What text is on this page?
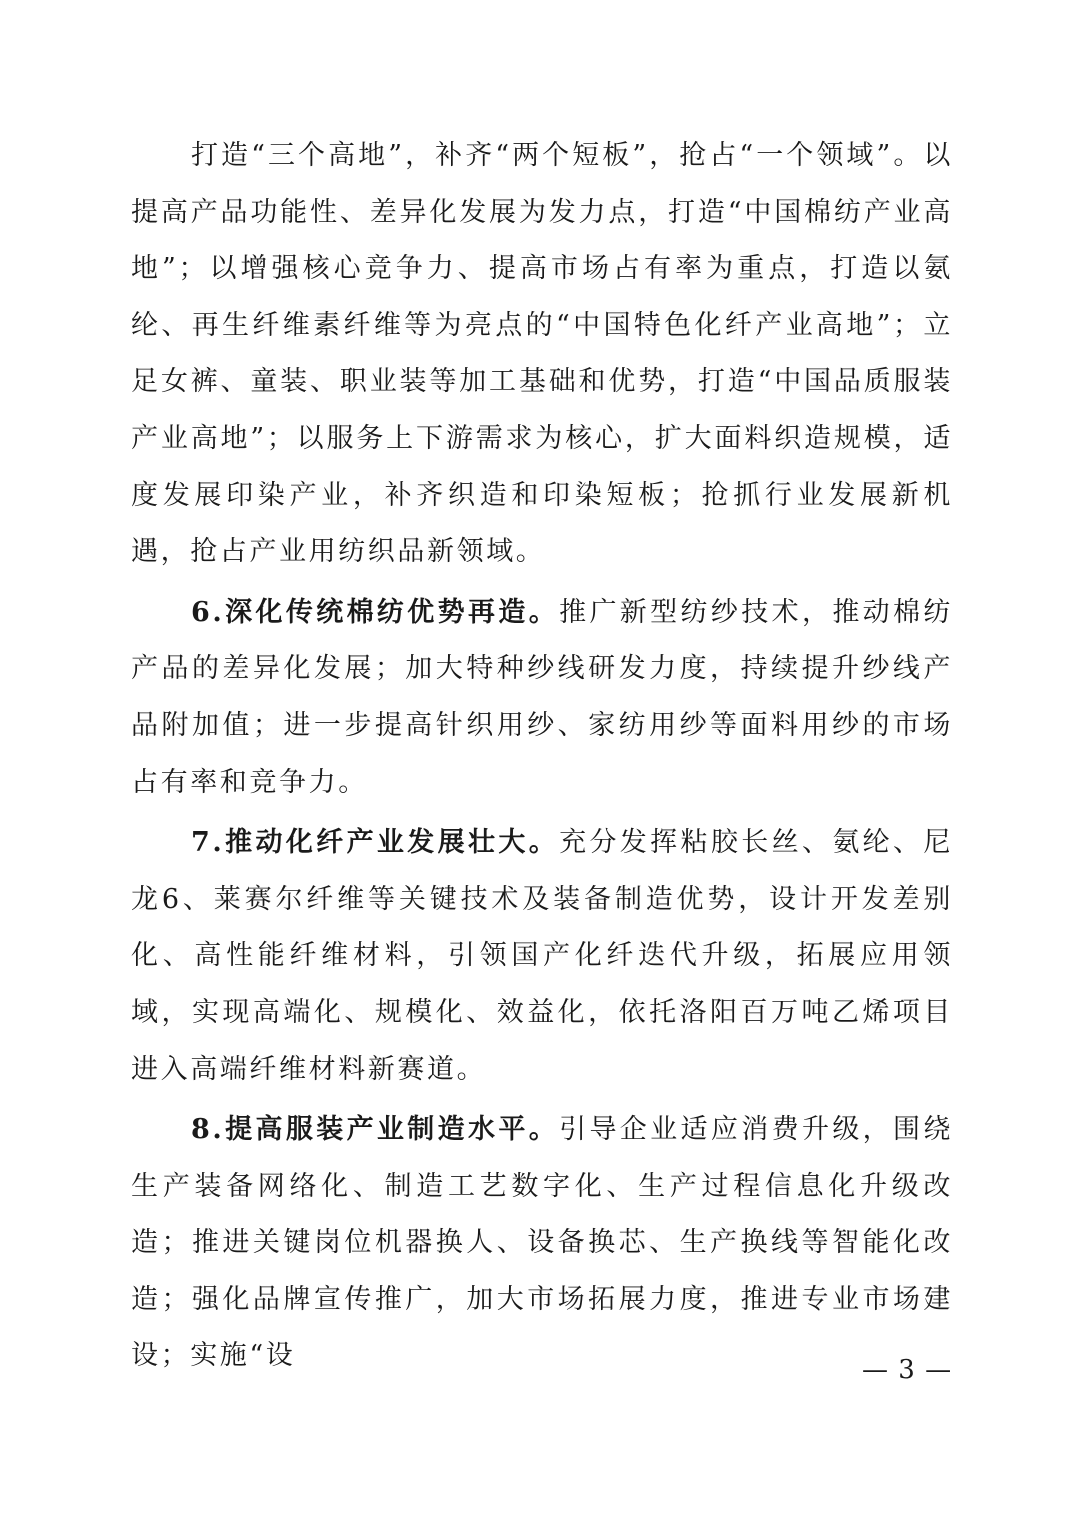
打造“三个高地”，补齐“两个短板”，抢占“一个领域”。以提高产品功能性、差异化发展为发力点，打造“中国棉纺产业高地”；以增强核心竞争力、提高市场占有率为重点，打造以氨纶、再生纤维素纤维等为亮点的“中国特色化纤产业高地”；立足女裤、童装、职业装等加工基础和优势，打造“中国品质服装产业高地”；以服务上下游需求为核心，扩大面料织造规模，适度发展印染产业，补齐织造和印染短板；抢抓行业发展新机遇，抢占产业用纺织品新领域。

6.深化传统棉纺优势再造。推广新型纺纱技术，推动棉纺产品的差异化发展；加大特种纱线研发力度，持续提升纱线产品附加值；进一步提高针织用纱、家纺用纱等面料用纱的市场占有率和竞争力。

7.推动化纤产业发展壮大。充分发挥粘胶长丝、氨纶、尼龙6、莱赛尔纤维等关键技术及装备制造优势，设计开发差别化、高性能纤维材料，引领国产化纤迭代升级，拓展应用领域，实现高端化、规模化、效益化，依托洛阳百万吨乙烯项目进入高端纤维材料新赛道。

8.提高服装产业制造水平。引导企业适应消费升级，围绕生产装备网络化、制造工艺数字化、生产过程信息化升级改造；推进关键岗位机器换人、设备换芯、生产换线等智能化改造；强化品牌宣传推广，加大市场拓展力度，推进专业市场建设；实施“设	— 3 —
